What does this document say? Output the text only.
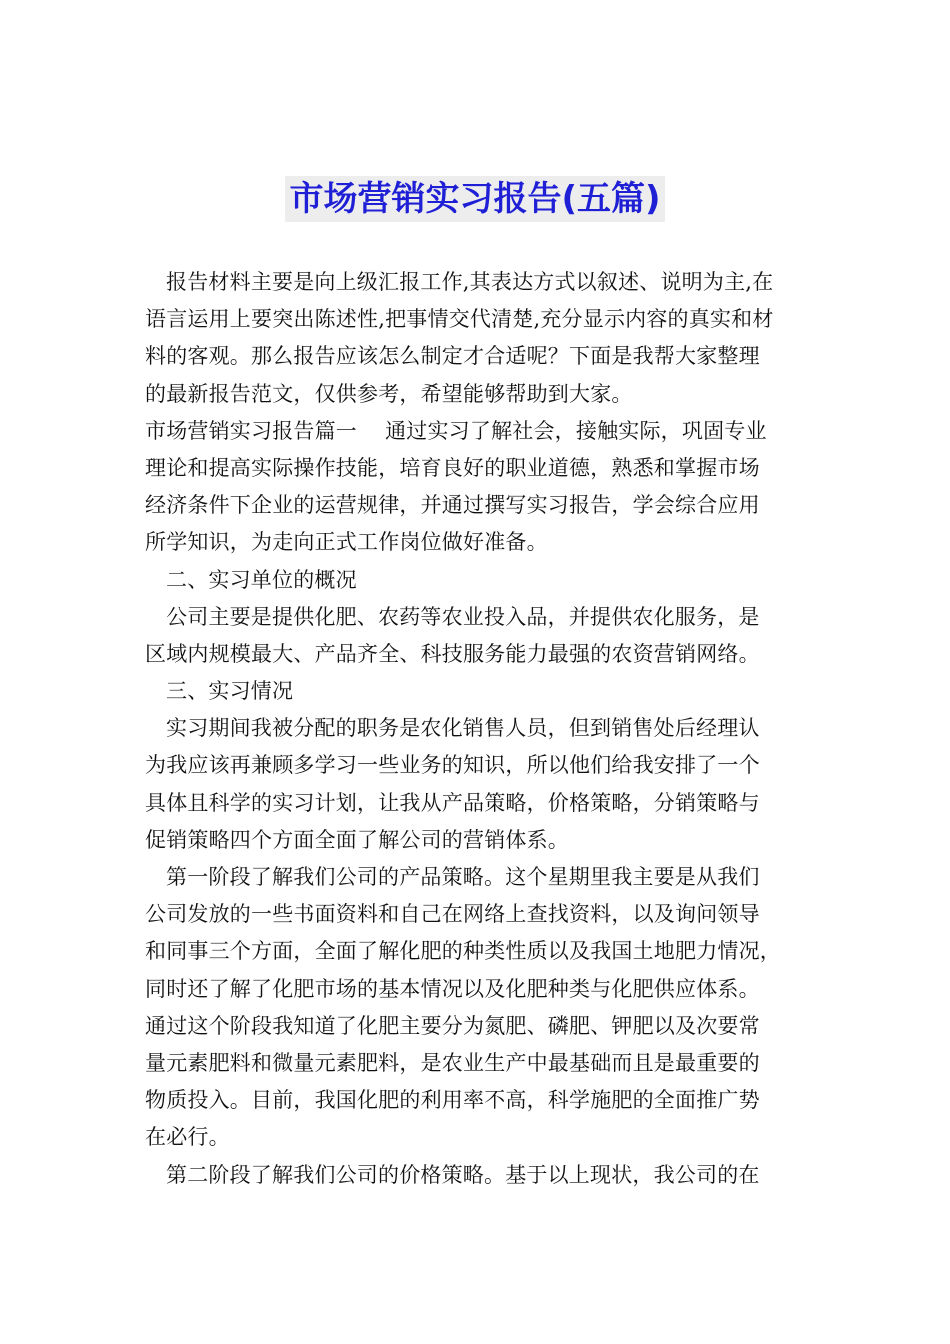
市场营销实习报告(五篇)
报告材料主要是向上级汇报工作,其表达方式以叙述、说明为主,在
语言运用上要突出陈述性,把事情交代清楚,充分显示内容的真实和材
料的客观。那么报告应该怎么制定才合适呢？下面是我帮大家整理
的最新报告范文，仅供参考，希望能够帮助到大家。
市场营销实习报告篇一　 通过实习了解社会，接触实际，巩固专业
理论和提高实际操作技能，培育良好的职业道德，熟悉和掌握市场
经济条件下企业的运营规律，并通过撰写实习报告，学会综合应用
所学知识，为走向正式工作岗位做好准备。
二、实习单位的概况
公司主要是提供化肥、农药等农业投入品，并提供农化服务，是
区域内规模最大、产品齐全、科技服务能力最强的农资营销网络。
三、实习情况
实习期间我被分配的职务是农化销售人员，但到销售处后经理认
为我应该再兼顾多学习一些业务的知识，所以他们给我安排了一个
具体且科学的实习计划，让我从产品策略，价格策略，分销策略与
促销策略四个方面全面了解公司的营销体系。
第一阶段了解我们公司的产品策略。这个星期里我主要是从我们
公司发放的一些书面资料和自己在网络上查找资料，以及询问领导
和同事三个方面，全面了解化肥的种类性质以及我国土地肥力情况，
同时还了解了化肥市场的基本情况以及化肥种类与化肥供应体系。
通过这个阶段我知道了化肥主要分为氮肥、磷肥、钾肥以及次要常
量元素肥料和微量元素肥料，是农业生产中最基础而且是最重要的
物质投入。目前，我国化肥的利用率不高，科学施肥的全面推广势
在必行。
第二阶段了解我们公司的价格策略。基于以上现状，我公司的在
